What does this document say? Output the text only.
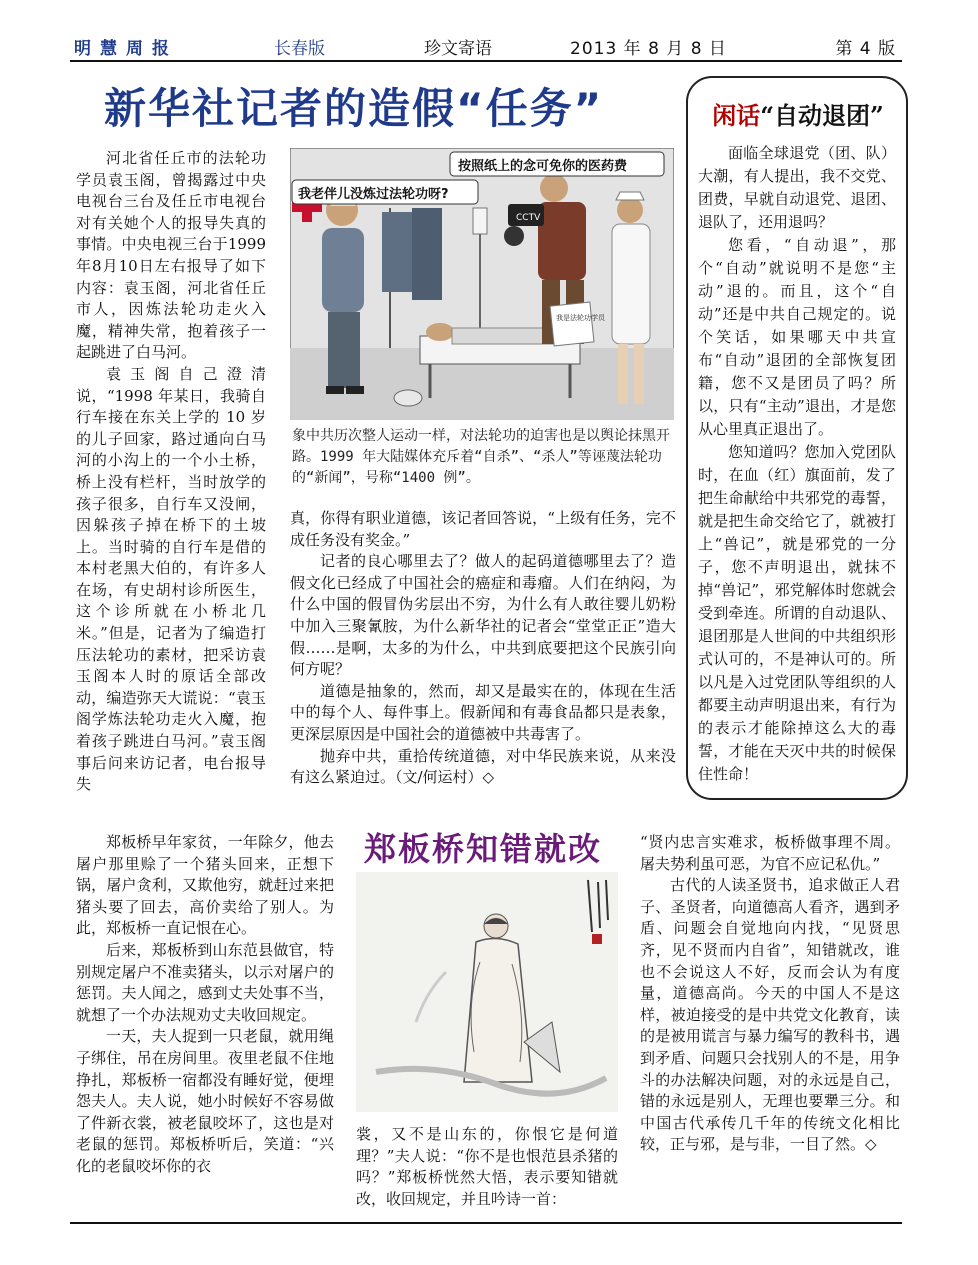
明慧周报	长春版	珍文寄语	2013 年 8 月 8 日	第 4 版
新华社记者的造假“任务”

河北省任丘市的法轮功学员袁玉阁，曾揭露过中央电视台三台及任丘市电视台对有关她个人的报导失真的事情。中央电视三台于1999年8月10日左右报导了如下内容：袁玉阁，河北省任丘市人，因炼法轮功走火入魔，精神失常，抱着孩子一起跳进了白马河。

袁玉阁自己澄清说，“1998 年某日，我骑自行车接在东关上学的 10 岁的儿子回家，路过通向白马河的小沟上的一个小土桥，桥上没有栏杆，当时放学的孩子很多，自行车又没闸，因躲孩子掉在桥下的土坡上。当时骑的自行车是借的本村老黑大伯的，有许多人在场，有史胡村诊所医生，这个诊所就在小桥北几米。”但是，记者为了编造打压法轮功的素材，把采访袁玉阁本人时的原话全部改动，编造弥天大谎说：“袁玉阁学炼法轮功走火入魔，抱着孩子跳进白马河。”袁玉阁事后问来访记者，电台报导失

CCTV
我是法轮功学员
按照纸上的念可免你的医药费
我老伴儿没炼过法轮功呀?

象中共历次整人运动一样，对法轮功的迫害也是以舆论抹黑开路。1999 年大陆媒体充斥着“自杀”、“杀人”等诬蔑法轮功的“新闻”，号称“1400 例”。

真，你得有职业道德，该记者回答说，“上级有任务，完不成任务没有奖金。”

记者的良心哪里去了？做人的起码道德哪里去了？造假文化已经成了中国社会的癌症和毒瘤。人们在纳闷，为什么中国的假冒伪劣层出不穷，为什么有人敢往婴儿奶粉中加入三聚氰胺，为什么新华社的记者会“堂堂正正”造大假……是啊，太多的为什么，中共到底要把这个民族引向何方呢？

道德是抽象的，然而，却又是最实在的，体现在生活中的每个人、每件事上。假新闻和有毒食品都只是表象，更深层原因是中国社会的道德被中共毒害了。

抛弃中共，重拾传统道德，对中华民族来说，从来没有这么紧迫过。（文/何运村）◇

闲话“自动退团”

面临全球退党（团、队）大潮，有人提出，我不交党、团费，早就自动退党、退团、退队了，还用退吗？

您看，“自动退”，那个“自动”就说明不是您“主动”退的。而且，这个“自动”还是中共自己规定的。说个笑话，如果哪天中共宣布“自动”退团的全部恢复团籍，您不又是团员了吗？所以，只有“主动”退出，才是您从心里真正退出了。

您知道吗？您加入党团队时，在血（红）旗面前，发了把生命献给中共邪党的毒誓，就是把生命交给它了，就被打上“兽记”，就是邪党的一分子，您不声明退出，就抹不掉“兽记”，邪党解体时您就会受到牵连。所谓的自动退队、退团那是人世间的中共组织形式认可的，不是神认可的。所以凡是入过党团队等组织的人都要主动声明退出来，有行为的表示才能除掉这么大的毒誓，才能在天灭中共的时候保住性命！

郑板桥早年家贫，一年除夕，他去屠户那里赊了一个猪头回来，正想下锅，屠户贪利，又欺他穷，就赶过来把猪头要了回去，高价卖给了别人。为此，郑板桥一直记恨在心。

后来，郑板桥到山东范县做官，特别规定屠户不准卖猪头，以示对屠户的惩罚。夫人闻之，感到丈夫处事不当，就想了一个办法规劝丈夫收回规定。

一天，夫人捉到一只老鼠，就用绳子绑住，吊在房间里。夜里老鼠不住地挣扎，郑板桥一宿都没有睡好觉，便埋怨夫人。夫人说，她小时候好不容易做了件新衣裳，被老鼠咬坏了，这也是对老鼠的惩罚。郑板桥听后，笑道：“兴化的老鼠咬坏你的衣

郑板桥知错就改

裳，又不是山东的，你恨它是何道理？”夫人说：“你不是也恨范县杀猪的吗？”郑板桥恍然大悟，表示要知错就改，收回规定，并且吟诗一首：

“贤内忠言实难求，板桥做事理不周。屠夫势利虽可恶，为官不应记私仇。”

古代的人读圣贤书，追求做正人君子、圣贤者，向道德高人看齐，遇到矛盾、问题会自觉地向内找，“见贤思齐，见不贤而内自省”，知错就改，谁也不会说这人不好，反而会认为有度量，道德高尚。今天的中国人不是这样，被迫接受的是中共党文化教育，读的是被用谎言与暴力编写的教科书，遇到矛盾、问题只会找别人的不是，用争斗的办法解决问题，对的永远是自己，错的永远是别人，无理也要犟三分。和中国古代承传几千年的传统文化相比较，正与邪，是与非，一目了然。◇
